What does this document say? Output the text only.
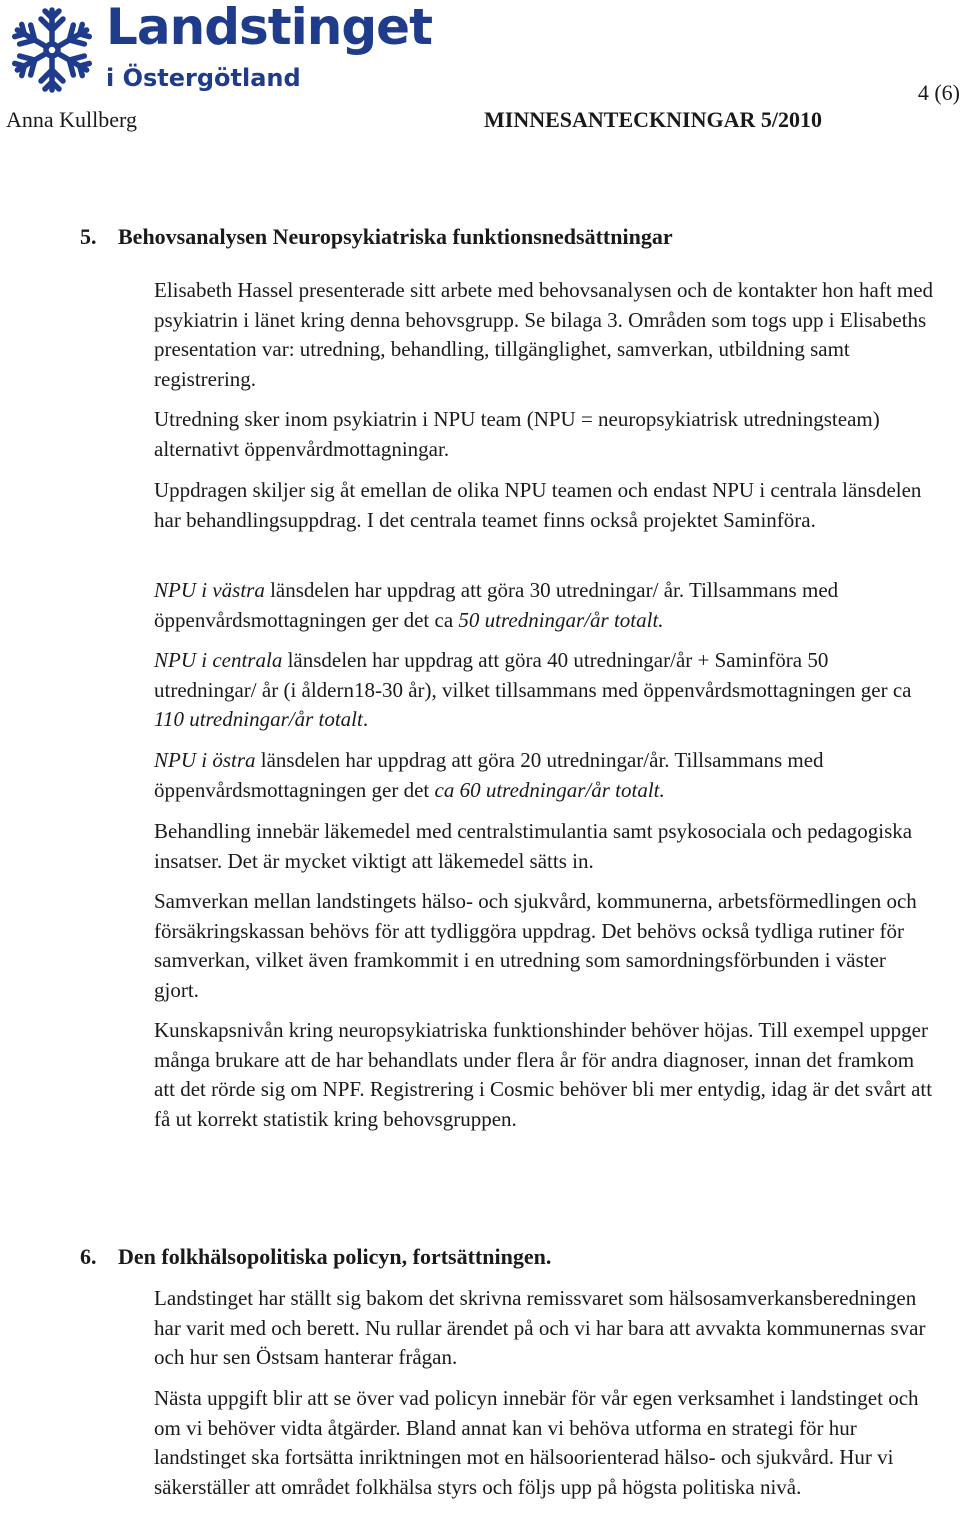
Landstinget
i Östergötland
4 (6)
Anna Kullberg	MINNESANTECKNINGAR 5/2010
5. Behovsanalysen Neuropsykiatriska funktionsnedsättningar

Elisabeth Hassel presenterade sitt arbete med behovsanalysen och de kontakter hon haft med psykiatrin i länet kring denna behovsgrupp. Se bilaga 3. Områden som togs upp i Elisabeths presentation var: utredning, behandling, tillgänglighet, samverkan, utbildning samt registrering.

Utredning sker inom psykiatrin i NPU team (NPU = neuropsykiatrisk utredningsteam) alternativt öppenvårdmottagningar.

Uppdragen skiljer sig åt emellan de olika NPU teamen och endast NPU i centrala länsdelen har behandlingsuppdrag. I det centrala teamet finns också projektet Saminföra.

NPU i västra länsdelen har uppdrag att göra 30 utredningar/ år. Tillsammans med öppenvårdsmottagningen ger det ca 50 utredningar/år totalt.

NPU i centrala länsdelen har uppdrag att göra 40 utredningar/år + Saminföra 50 utredningar/ år (i åldern18-30 år), vilket tillsammans med öppenvårdsmottagningen ger ca 110 utredningar/år totalt.

NPU i östra länsdelen har uppdrag att göra 20 utredningar/år. Tillsammans med öppenvårdsmottagningen ger det ca 60 utredningar/år totalt.

Behandling innebär läkemedel med centralstimulantia samt psykosociala och pedagogiska insatser. Det är mycket viktigt att läkemedel sätts in.

Samverkan mellan landstingets hälso- och sjukvård, kommunerna, arbetsförmedlingen och försäkringskassan behövs för att tydliggöra uppdrag. Det behövs också tydliga rutiner för samverkan, vilket även framkommit i en utredning som samordningsförbunden i väster gjort.

Kunskapsnivån kring neuropsykiatriska funktionshinder behöver höjas. Till exempel uppger många brukare att de har behandlats under flera år för andra diagnoser, innan det framkom att det rörde sig om NPF. Registrering i Cosmic behöver bli mer entydig, idag är det svårt att få ut korrekt statistik kring behovsgruppen.

6. Den folkhälsopolitiska policyn, fortsättningen.

Landstinget har ställt sig bakom det skrivna remissvaret som hälsosamverkansberedningen har varit med och berett. Nu rullar ärendet på och vi har bara att avvakta kommunernas svar och hur sen Östsam hanterar frågan.

Nästa uppgift blir att se över vad policyn innebär för vår egen verksamhet i landstinget och om vi behöver vidta åtgärder. Bland annat kan vi behöva utforma en strategi för hur landstinget ska fortsätta inriktningen mot en hälsoorienterad hälso- och sjukvård. Hur vi säkerställer att området folkhälsa styrs och följs upp på högsta politiska nivå.
